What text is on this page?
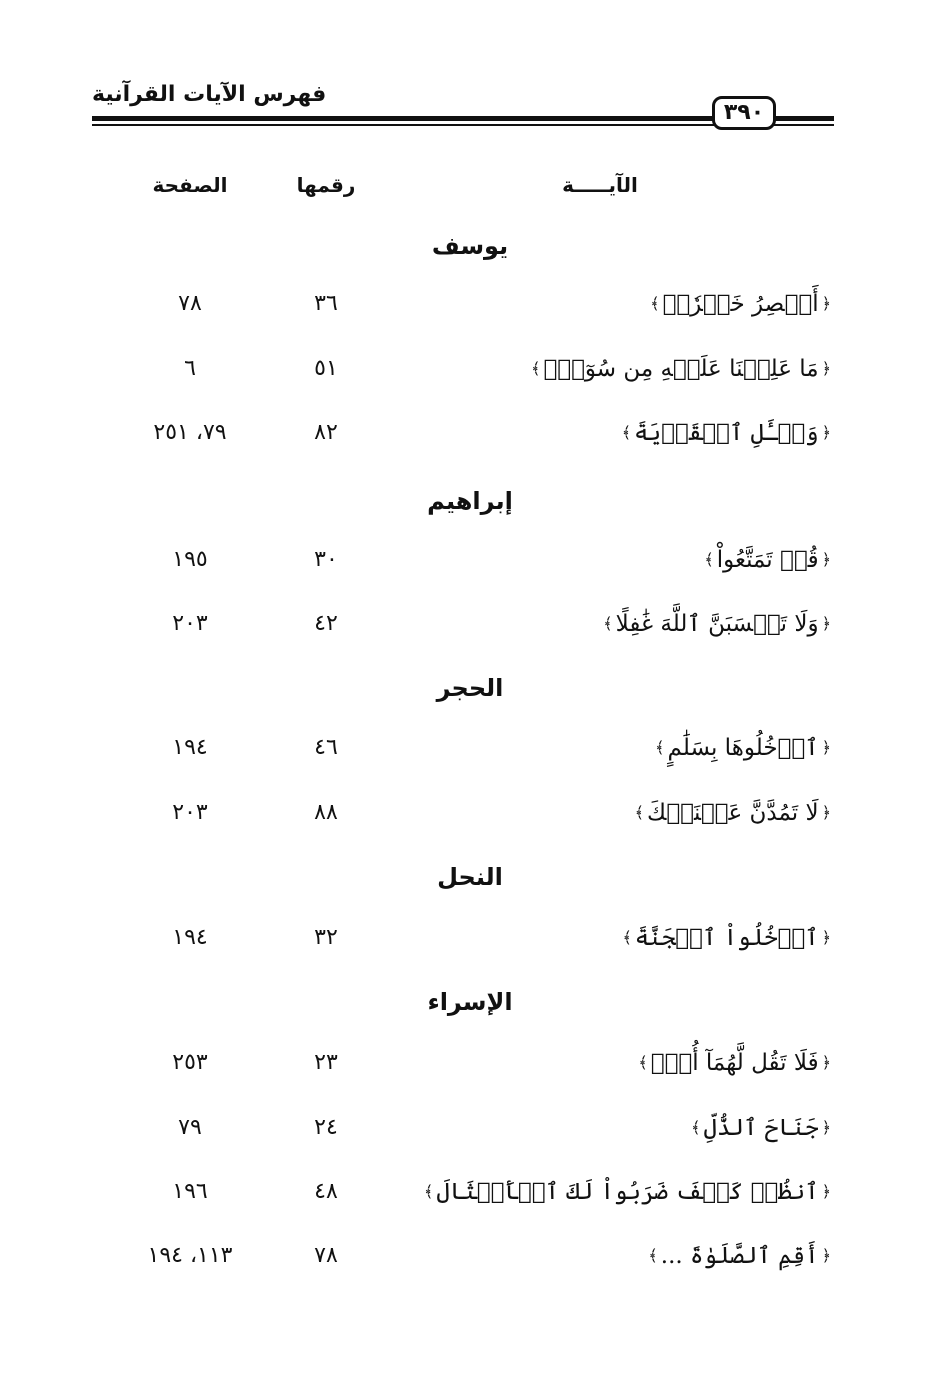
فهرس الآيات القرآنية
٣٩٠
الآيـــــة
رقمها
الصفحة
يوسف
﴿أَعۡصِرُ خَمۡرٗاۖ﴾
٣٦
٧٨
﴿مَا عَلِمۡنَا عَلَيۡهِ مِن سُوٓءٖۚ﴾
٥١
٦
﴿وَسۡـَٔلِ ٱلۡقَرۡيَةَ﴾
٨٢
٧٩، ٢٥١
إبراهيم
﴿قُلۡ تَمَتَّعُواْ﴾
٣٠
١٩٥
﴿وَلَا تَحۡسَبَنَّ ٱللَّهَ غَٰفِلًا﴾
٤٢
٢٠٣
الحجر
﴿ٱدۡخُلُوهَا بِسَلَٰمٍ﴾
٤٦
١٩٤
﴿لَا تَمُدَّنَّ عَيۡنَيۡكَ﴾
٨٨
٢٠٣
النحل
﴿ٱدۡخُلُواْ ٱلۡجَنَّةَ﴾
٣٢
١٩٤
الإسراء
﴿فَلَا تَقُل لَّهُمَآ أُفّٖ﴾
٢٣
٢٥٣
﴿جَنَاحَ ٱلذُّلِّ﴾
٢٤
٧٩
﴿ٱنظُرۡ كَيۡفَ ضَرَبُواْ لَكَ ٱلۡأَمۡثَالَ﴾
٤٨
١٩٦
﴿أَقِمِ ٱلصَّلَوٰةَ ...﴾
٧٨
١١٣، ١٩٤
